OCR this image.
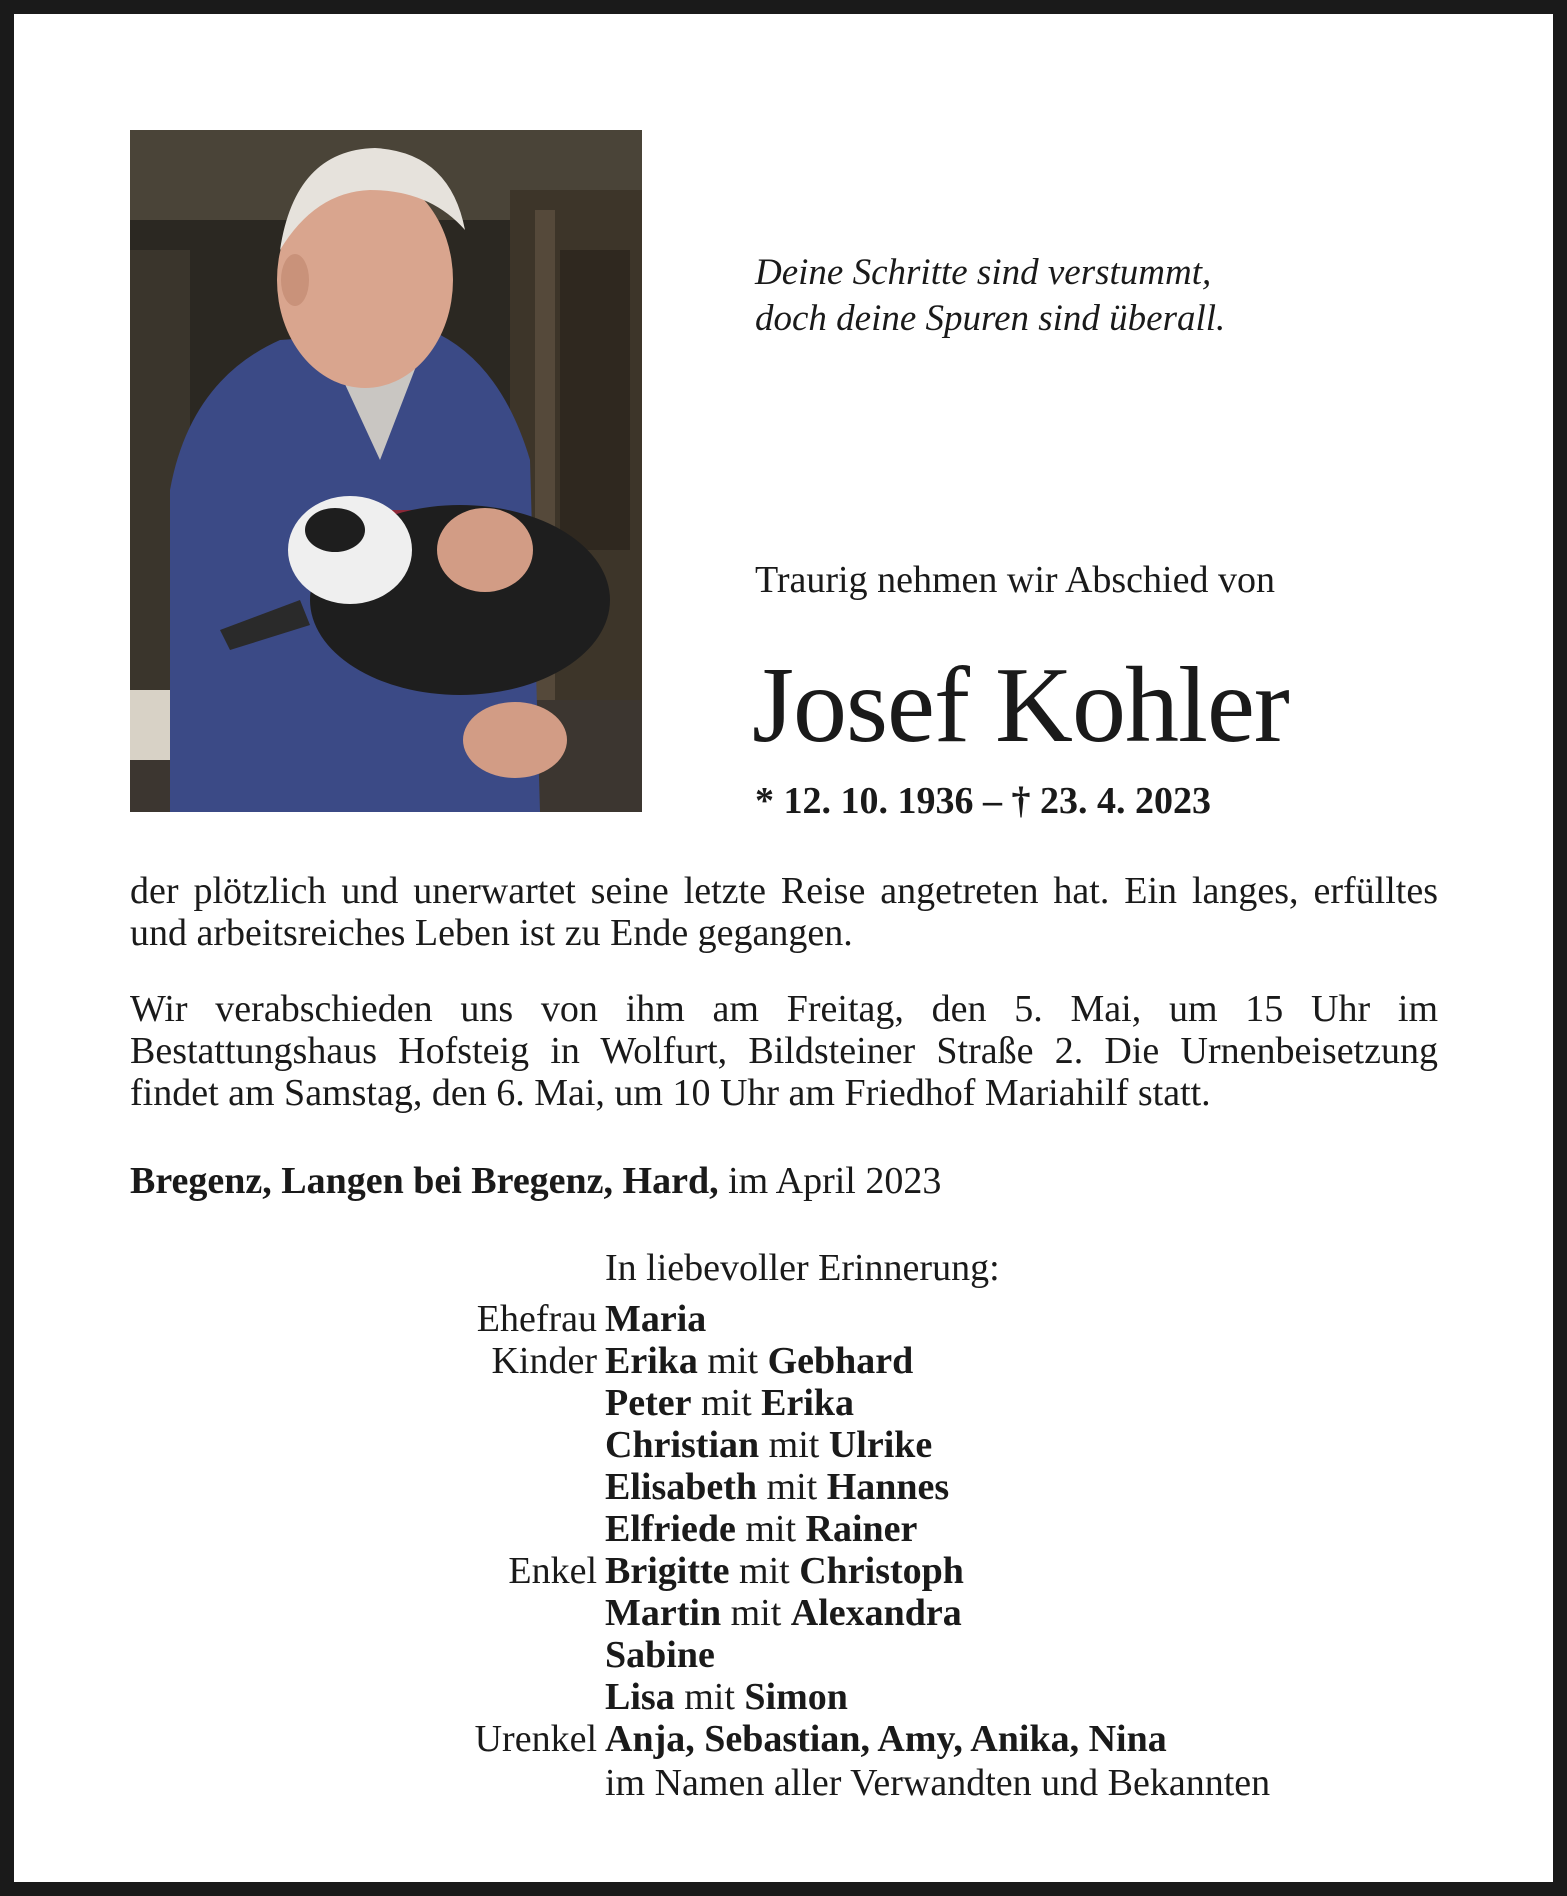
Deine Schritte sind verstummt,
doch deine Spuren sind überall.
Traurig nehmen wir Abschied von
Josef Kohler
* 12. 10. 1936 – † 23. 4. 2023
der plötzlich und unerwartet seine letzte Reise angetreten hat. Ein langes, erfülltes und arbeitsreiches Leben ist zu Ende gegangen.
Wir verabschieden uns von ihm am Freitag, den 5. Mai, um 15 Uhr im Bestattungshaus Hofsteig in Wolfurt, Bildsteiner Straße 2. Die Urnenbeisetzung findet am Samstag, den 6. Mai, um 10 Uhr am Friedhof Mariahilf statt.
Bregenz, Langen bei Bregenz, Hard, im April 2023
In liebevoller Erinnerung:
Ehefrau Maria
Kinder Erika mit Gebhard
Peter mit Erika
Christian mit Ulrike
Elisabeth mit Hannes
Elfriede mit Rainer
Enkel Brigitte mit Christoph
Martin mit Alexandra
Sabine
Lisa mit Simon
Urenkel Anja, Sebastian, Amy, Anika, Nina
im Namen aller Verwandten und Bekannten
